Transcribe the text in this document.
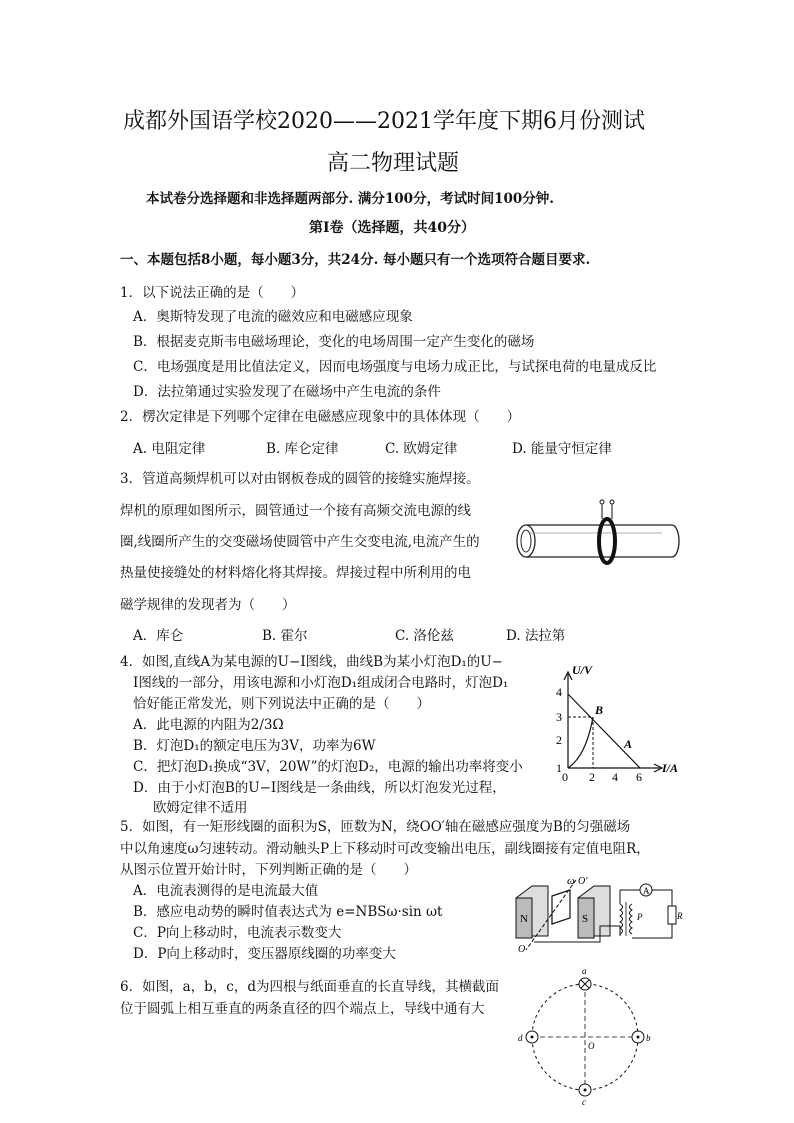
成都外国语学校2020——2021学年度下期6月份测试
高二物理试题
本试卷分选择题和非选择题两部分. 满分100分，考试时间100分钟.
第Ⅰ卷（选择题，共40分）
一、本题包括8小题，每小题3分，共24分. 每小题只有一个选项符合题目要求.
1．以下说法正确的是（　　）
A．奥斯特发现了电流的磁效应和电磁感应现象
B．根据麦克斯韦电磁场理论，变化的电场周围一定产生变化的磁场
C．电场强度是用比值法定义，因而电场强度与电场力成正比，与试探电荷的电量成反比
D．法拉第通过实验发现了在磁场中产生电流的条件
2．楞次定律是下列哪个定律在电磁感应现象中的具体体现（　　）
A. 电阻定律	B. 库仑定律	C. 欧姆定律	D. 能量守恒定律
3．管道高频焊机可以对由钢板卷成的圆管的接缝实施焊接。
焊机的原理如图所示，圆管通过一个接有高频交流电源的线
圈,线圈所产生的交变磁场使圆管中产生交变电流,电流产生的
热量使接缝处的材料熔化将其焊接。焊接过程中所利用的电
磁学规律的发现者为（　　）
A．库仑	B. 霍尔	C. 洛伦兹	D. 法拉第
4．如图,直线A为某电源的U−I图线，曲线B为某小灯泡D₁的U−
I图线的一部分，用该电源和小灯泡D₁组成闭合电路时，灯泡D₁
恰好能正常发光，则下列说法中正确的是（　　）
A．此电源的内阻为2/3Ω
B．灯泡D₁的额定电压为3V，功率为6W
C．把灯泡D₁换成“3V，20W”的灯泡D₂，电源的输出功率将变小
D．由于小灯泡B的U−I图线是一条曲线，所以灯泡发光过程，
欧姆定律不适用
U/V
I/A
0
1
2
3
4
2 4 6
B
A
5．如图，有一矩形线圈的面积为S，匝数为N，绕OO′轴在磁感应强度为B的匀强磁场
中以角速度ω匀速转动。滑动触头P上下移动时可改变输出电压，副线圈接有定值电阻R，
从图示位置开始计时，下列判断正确的是（　　）
A．电流表测得的是电流最大值
B．感应电动势的瞬时值表达式为 e=NBSω·sin ωt
C．P向上移动时，电流表示数变大
D．P向上移动时，变压器原线圈的功率变大
N	S
ω O′
O
P
A
R
6．如图，a，b，c，d为四根与纸面垂直的长直导线，其横截面
位于圆弧上相互垂直的两条直径的四个端点上，导线中通有大
a
b
c
d
O
